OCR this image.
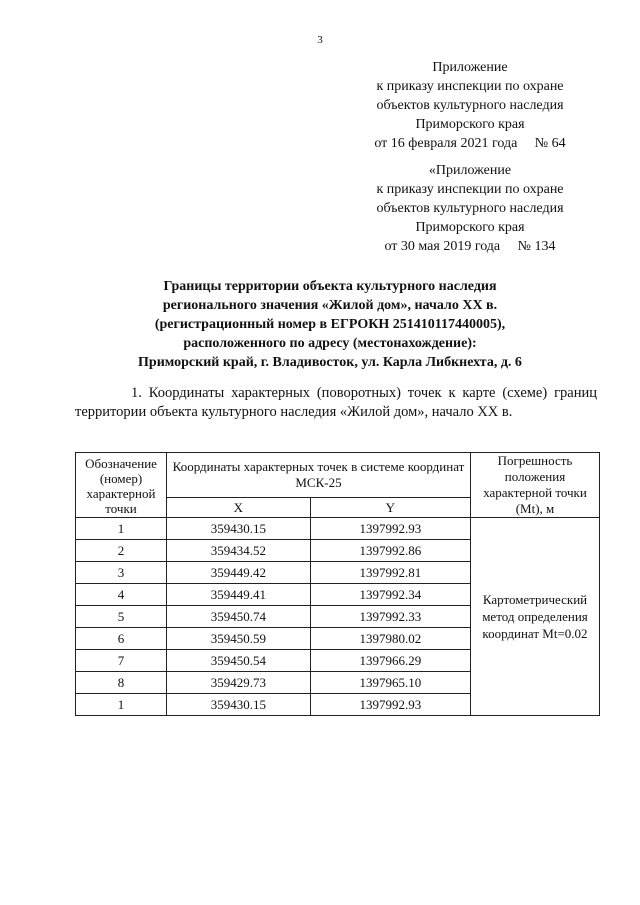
3
Приложение
к приказу инспекции по охране
объектов культурного наследия
Приморского края
от 16 февраля 2021 года     № 64
«Приложение
к приказу инспекции по охране
объектов культурного наследия
Приморского края
от 30 мая 2019 года     № 134
Границы территории объекта культурного наследия
регионального значения «Жилой дом», начало XX в.
(регистрационный номер в ЕГРОКН 251410117440005),
расположенного по адресу (местонахождение):
Приморский край, г. Владивосток, ул. Карла Либкнехта, д. 6
1. Координаты характерных (поворотных) точек к карте (схеме) границ
территории объекта культурного наследия «Жилой дом», начало XX в.
Обозначение (номер) характерной точки	Координаты характерных точек в системе координат МСК-25		Погрешность положения характерной точки (Mt), м
	X	Y	
1	359430.15	1397992.93	Картометрический метод определения координат Mt=0.02
2	359434.52	1397992.86	
3	359449.42	1397992.81	
4	359449.41	1397992.34	
5	359450.74	1397992.33	
6	359450.59	1397980.02	
7	359450.54	1397966.29	
8	359429.73	1397965.10	
1	359430.15	1397992.93	
